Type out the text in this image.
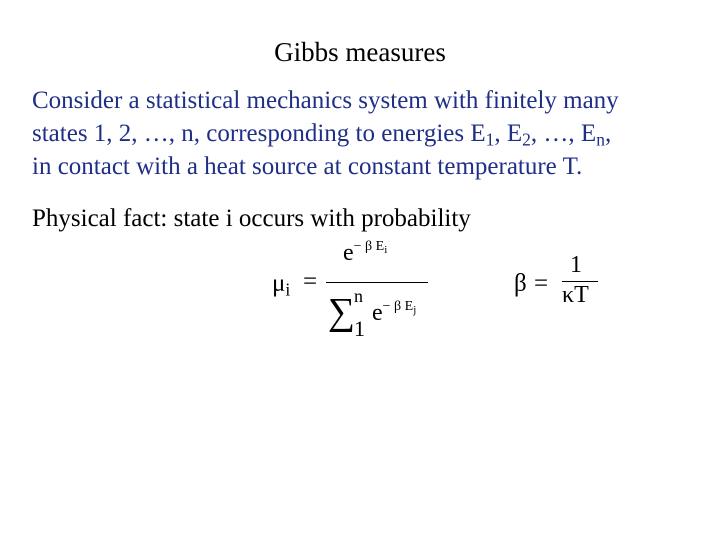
Gibbs measures
Consider a statistical mechanics system with finitely many
states 1, 2, …, n, corresponding to energies $E_1$, $E_2$, …, $E_n$,
in contact with a heat source at constant temperature T.
Physical fact: state i occurs with probability
$\mu_i$ =
$e^{- \beta E_i}$
∑
n
1
$e^{- \beta E_j}$
β =
1
κT
